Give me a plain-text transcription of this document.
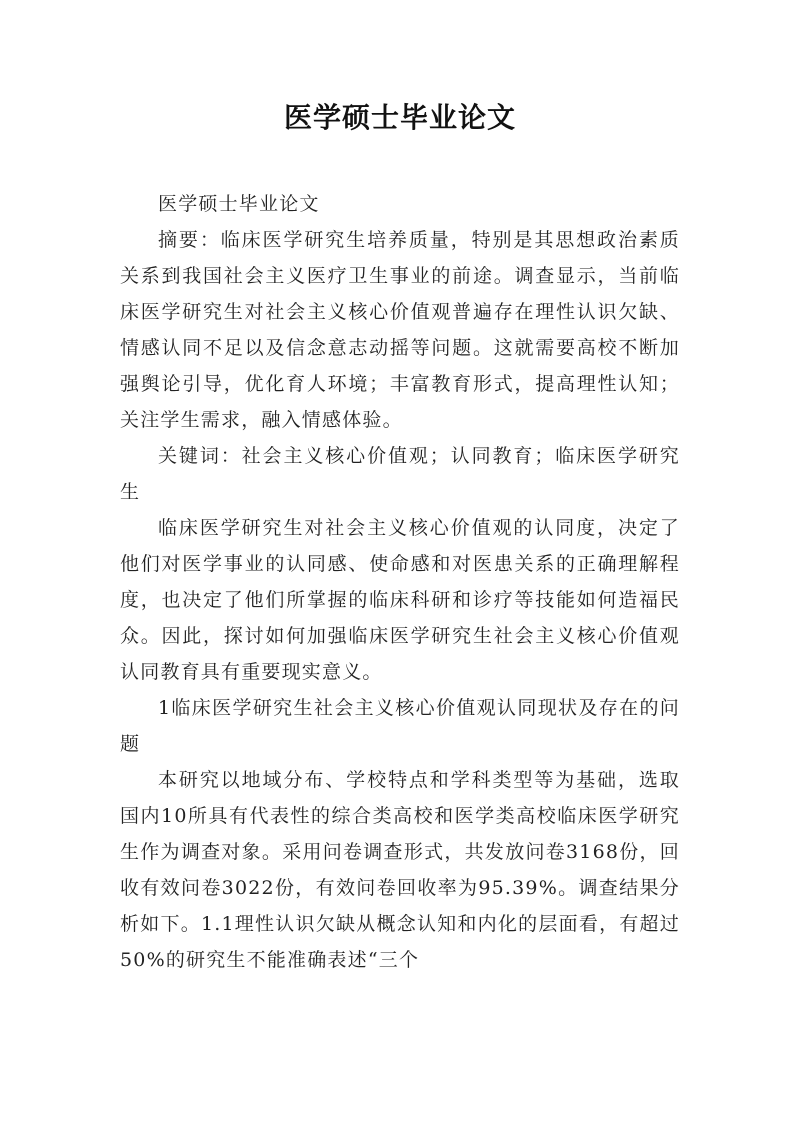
医学硕士毕业论文

医学硕士毕业论文

摘要：临床医学研究生培养质量，特别是其思想政治素质关系到我国社会主义医疗卫生事业的前途。调查显示，当前临床医学研究生对社会主义核心价值观普遍存在理性认识欠缺、情感认同不足以及信念意志动摇等问题。这就需要高校不断加强舆论引导，优化育人环境；丰富教育形式，提高理性认知；关注学生需求，融入情感体验。

关键词：社会主义核心价值观；认同教育；临床医学研究生

临床医学研究生对社会主义核心价值观的认同度，决定了他们对医学事业的认同感、使命感和对医患关系的正确理解程度，也决定了他们所掌握的临床科研和诊疗等技能如何造福民众。因此，探讨如何加强临床医学研究生社会主义核心价值观认同教育具有重要现实意义。

1临床医学研究生社会主义核心价值观认同现状及存在的问题

本研究以地域分布、学校特点和学科类型等为基础，选取国内10所具有代表性的综合类高校和医学类高校临床医学研究生作为调查对象。采用问卷调查形式，共发放问卷3168份，回收有效问卷3022份，有效问卷回收率为95.39%。调查结果分析如下。1.1理性认识欠缺从概念认知和内化的层面看，有超过50%的研究生不能准确表述“三个
